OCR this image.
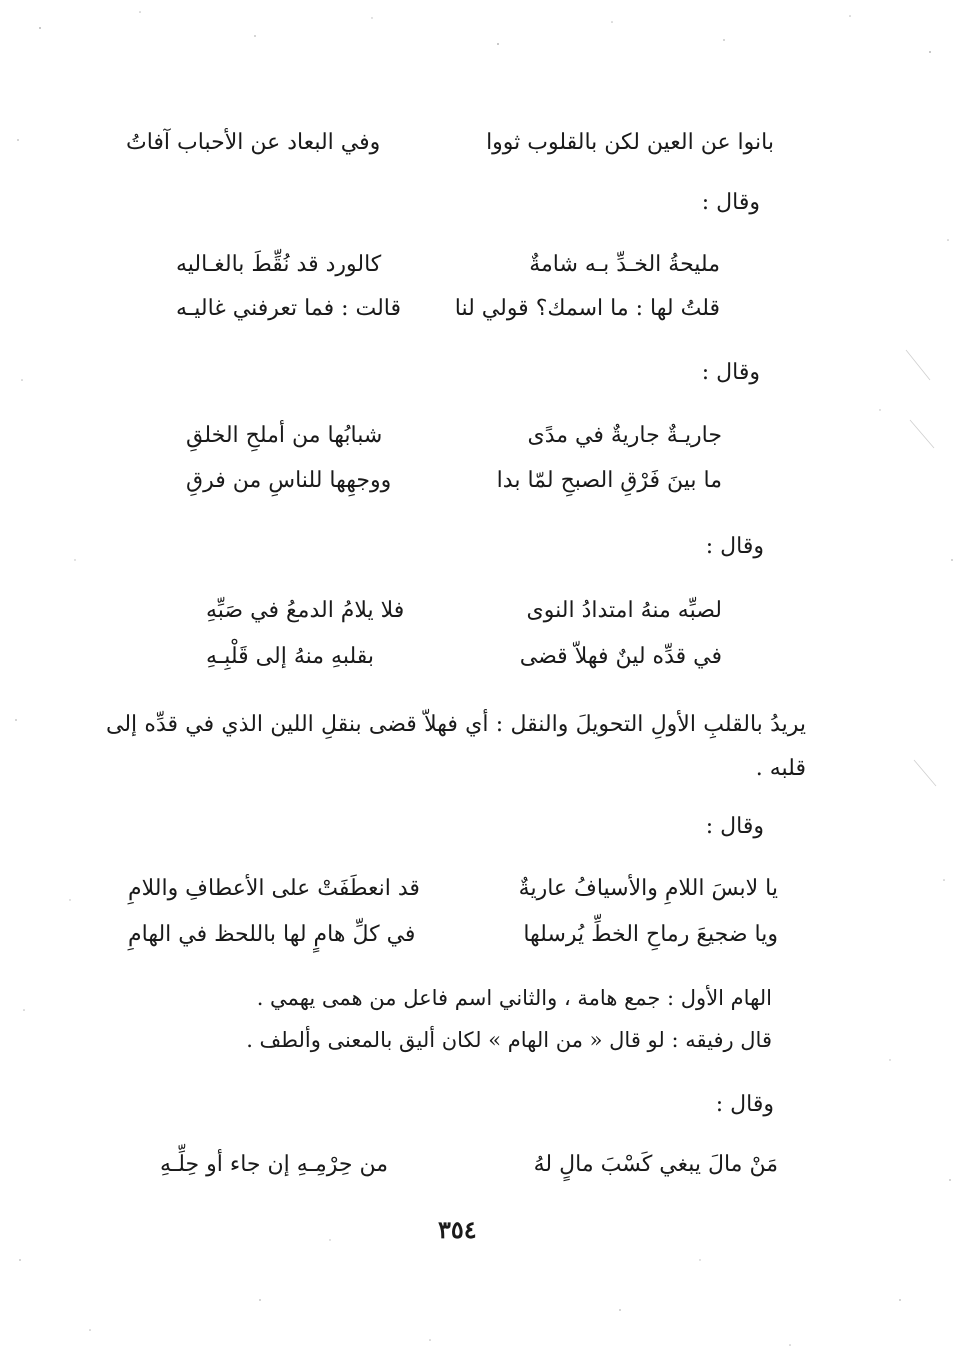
بانوا عن العين لكن بالقلوب ثووا
وفي البعاد عن الأحباب آفاتُ
وقال :
مليحةُ الخـدِّ بـه شامةٌ
كالورد قد نُقِّطَ بالغـاليه
قلتُ لها : ما اسمك؟ قولي لنا
قالت : فما تعرفني غاليـه
وقال :
جاريـةٌ جاريةٌ في مدًى
شبابُها من أملحِ الخلقِ
ما بينَ فَرْقِ الصبحِ لمّا بدا
ووجهِها للناسِ من فرقِ
وقال :
لصبِّه منهُ امتدادُ النوى
فلا يلامُ الدمعُ في صَبِّهِ
في قدِّه لينٌ فهلاّ قضى
بقلبهِ منهُ إلى قَلْبِـهِ
يريدُ بالقلبِ الأولِ التحويلَ والنقل : أي فهلاّ قضى بنقلِ اللين الذي في قدِّه إلى قلبه .
وقال :
يا لابسَ اللامِ والأسيافُ عاريةٌ
قد انعطَفَتْ على الأعطافِ واللامِ
ويا ضجيعَ رماحِ الخطِّ يُرسلها
في كلِّ هامٍ لها باللحظ في الهامِ
الهام الأول : جمع هامة ، والثاني اسم فاعل من همى يهمي .
قال رفيقه : لو قال « من الهام » لكان أليق بالمعنى وألطف .
وقال :
مَنْ مالَ يبغي كَسْبَ مالٍ لهُ
من حِرْمِـهِ إن جاء أو حِلِّـهِ
٣٥٤
